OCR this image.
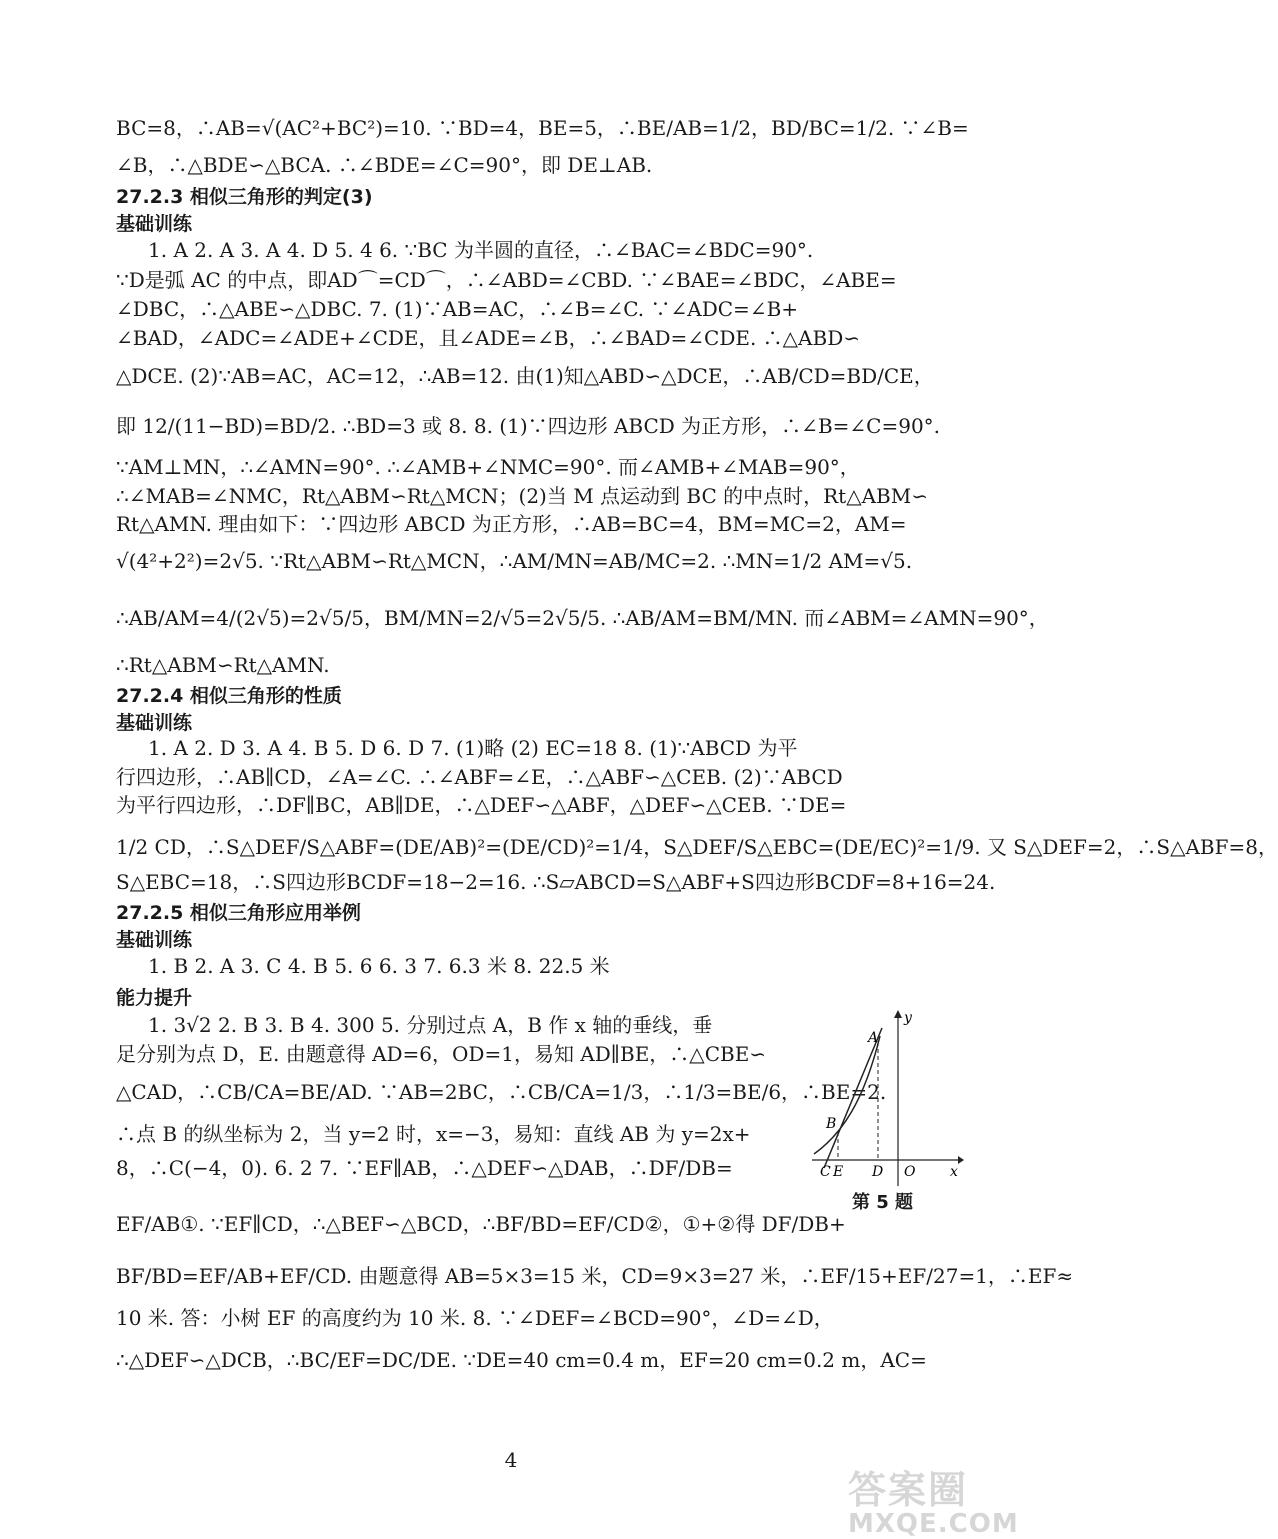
BC=8，∴AB=√(AC²+BC²)=10. ∵BD=4，BE=5，∴BE/AB=1/2，BD/BC=1/2. ∵∠B=
∠B，∴△BDE∽△BCA. ∴∠BDE=∠C=90°，即 DE⊥AB.
27.2.3 相似三角形的判定(3)
基础训练
1. A 2. A 3. A 4. D 5. 4 6. ∵BC 为半圆的直径，∴∠BAC=∠BDC=90°.
∵D是弧 AC 的中点，即AD⌒=CD⌒，∴∠ABD=∠CBD. ∵∠BAE=∠BDC，∠ABE=
∠DBC，∴△ABE∽△DBC. 7. (1)∵AB=AC，∴∠B=∠C. ∵∠ADC=∠B+
∠BAD，∠ADC=∠ADE+∠CDE，且∠ADE=∠B，∴∠BAD=∠CDE. ∴△ABD∽
△DCE. (2)∵AB=AC，AC=12，∴AB=12. 由(1)知△ABD∽△DCE，∴AB/CD=BD/CE，
即 12/(11−BD)=BD/2. ∴BD=3 或 8. 8. (1)∵四边形 ABCD 为正方形，∴∠B=∠C=90°.
∵AM⊥MN，∴∠AMN=90°. ∴∠AMB+∠NMC=90°. 而∠AMB+∠MAB=90°，
∴∠MAB=∠NMC，Rt△ABM∽Rt△MCN；(2)当 M 点运动到 BC 的中点时，Rt△ABM∽
Rt△AMN. 理由如下：∵四边形 ABCD 为正方形，∴AB=BC=4，BM=MC=2，AM=
√(4²+2²)=2√5. ∵Rt△ABM∽Rt△MCN，∴AM/MN=AB/MC=2. ∴MN=1/2 AM=√5.
∴AB/AM=4/(2√5)=2√5/5，BM/MN=2/√5=2√5/5. ∴AB/AM=BM/MN. 而∠ABM=∠AMN=90°，
∴Rt△ABM∽Rt△AMN.
27.2.4 相似三角形的性质
基础训练
1. A 2. D 3. A 4. B 5. D 6. D 7. (1)略 (2) EC=18 8. (1)∵ABCD 为平
行四边形，∴AB∥CD，∠A=∠C. ∴∠ABF=∠E，∴△ABF∽△CEB. (2)∵ABCD
为平行四边形，∴DF∥BC，AB∥DE，∴△DEF∽△ABF，△DEF∽△CEB. ∵DE=
1/2 CD，∴S△DEF/S△ABF=(DE/AB)²=(DE/CD)²=1/4，S△DEF/S△EBC=(DE/EC)²=1/9. 又 S△DEF=2，∴S△ABF=8，
S△EBC=18，∴S四边形BCDF=18−2=16. ∴S▱ABCD=S△ABF+S四边形BCDF=8+16=24.
27.2.5 相似三角形应用举例
基础训练
1. B 2. A 3. C 4. B 5. 6 6. 3 7. 6.3 米 8. 22.5 米
能力提升
1. 3√2 2. B 3. B 4. 300 5. 分别过点 A，B 作 x 轴的垂线，垂
足分别为点 D，E. 由题意得 AD=6，OD=1，易知 AD∥BE，∴△CBE∽
△CAD，∴CB/CA=BE/AD. ∵AB=2BC，∴CB/CA=1/3，∴1/3=BE/6，∴BE=2.
∴点 B 的纵坐标为 2，当 y=2 时，x=−3，易知：直线 AB 为 y=2x+
8，∴C(−4，0). 6. 2 7. ∵EF∥AB，∴△DEF∽△DAB，∴DF/DB=
EF/AB①. ∵EF∥CD，∴△BEF∽△BCD，∴BF/BD=EF/CD②，①+②得 DF/DB+
BF/BD=EF/AB+EF/CD. 由题意得 AB=5×3=15 米，CD=9×3=27 米，∴EF/15+EF/27=1，∴EF≈
10 米. 答：小树 EF 的高度约为 10 米. 8. ∵∠DEF=∠BCD=90°，∠D=∠D，
∴△DEF∽△DCB，∴BC/EF=DC/DE. ∵DE=40 cm=0.4 m，EF=20 cm=0.2 m，AC=
y
x
A
B
C E D O
第 5 题
4
答案圈
MXQE.COM
